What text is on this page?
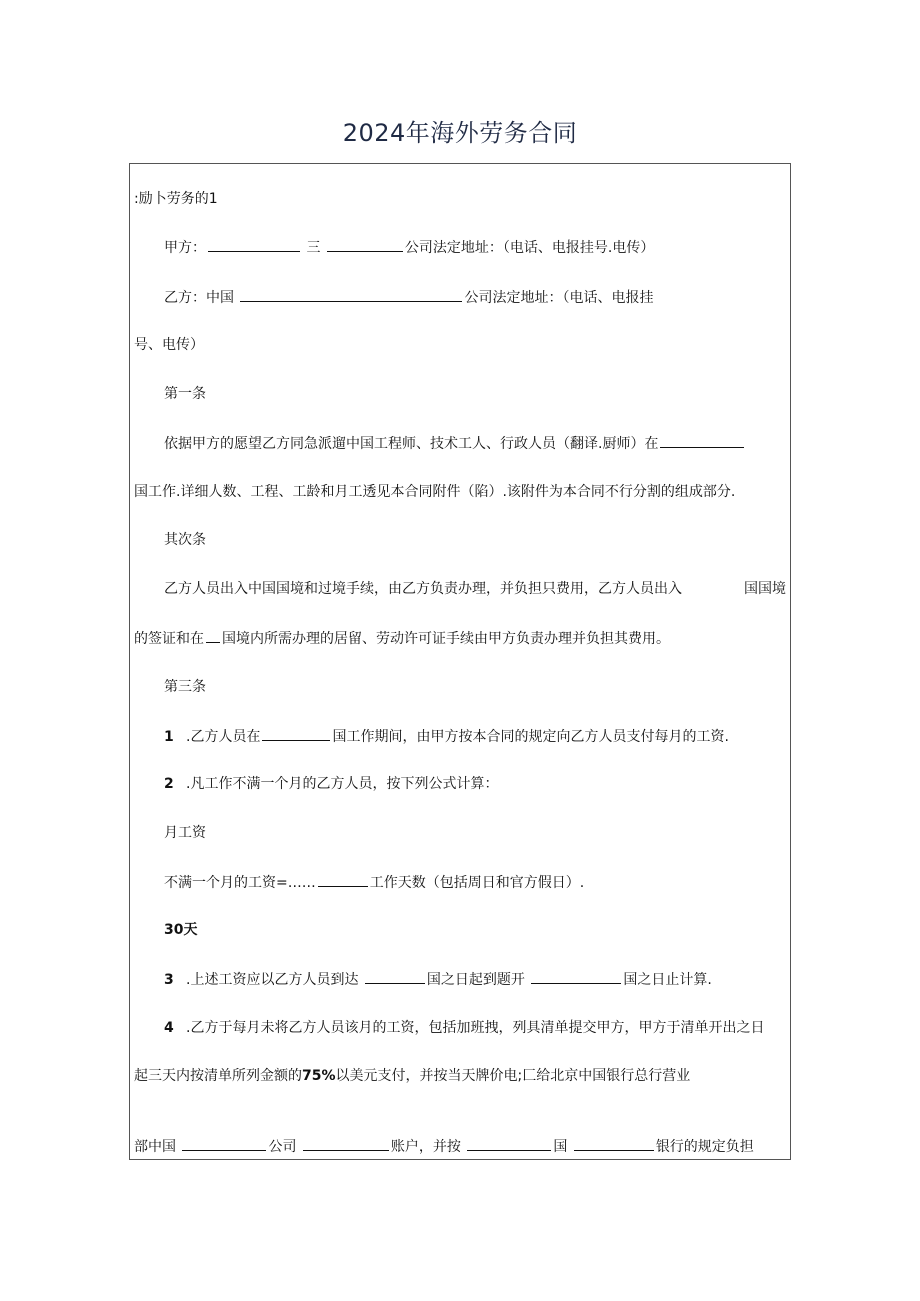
2024年海外劳务合同
:励卜劳务的1
甲方：	三	公司法定地址：（电话、电报挂号.电传）
乙方：中国	公司法定地址：（电话、电报挂
号、电传）
第一条
依据甲方的愿望乙方同急派遛中国工程师、技术工人、行政人员（翻译.厨师）在
国工作.详细人数、工程、工龄和月工透见本合同附件（陷）.该附件为本合同不行分割的组成部分.
其次条
乙方人员出入中国国境和过境手续，由乙方负责办理，并负担只费用，乙方人员出入	国国境
的签证和在 国境内所需办理的居留、劳动许可证手续由甲方负责办理并负担其费用。
第三条
1 .乙方人员在	国工作期间，由甲方按本合同的规定向乙方人员支付每月的工资.
2 .凡工作不满一个月的乙方人员，按下列公式计算：
月工资
不满一个月的工资=……	工作天数（包括周日和官方假日）.
30天
3 .上述工资应以乙方人员到达	国之日起到题开	国之日止计算.
4 .乙方于每月未将乙方人员该月的工资，包括加班拽，列具清单提交甲方，甲方于清单开出之日
起三天内按清单所列金额的75%以美元支付，并按当天牌价电;匚给北京中国银行总行营业
部中国	公司	账户，并按	国	银行的规定负担
